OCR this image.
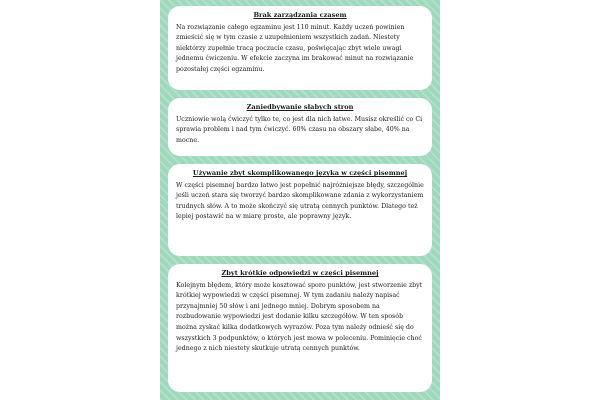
Brak zarządzania czasem

Na rozwiązanie całego egzaminu jest 110 minut. Każdy uczeń powinien zmieścić się w tym czasie z uzupełnieniem wszystkich zadań. Niestety niektórzy zupełnie tracą poczucie czasu, poświęcając zbyt wiele uwagi jednemu ćwiczeniu. W efekcie zaczyna im brakować minut na rozwiązanie pozostałej części egzaminu.

Zaniedbywanie słabych stron

Uczniowie wolą ćwiczyć tylko te, co jest dla nich łatwe. Musisz określić co Ci sprawia problem i nad tym ćwiczyć. 60% czasu na obszary słabe, 40% na mocne.

Używanie zbyt skomplikowanego języka w części pisemnej

W części pisemnej bardzo łatwo jest popełnić najróżniejsze błędy, szczególnie jeśli uczeń stara się tworzyć bardzo skomplikowane zdania z wykorzystaniem trudnych słów. A to może skończyć się utratą cennych punktów. Dlatego też lepiej postawić na w miarę proste, ale poprawny język.

Zbyt krótkie odpowiedzi w części pisemnej

Kolejnym błędem, który może kosztować sporo punktów, jest stworzenie zbyt krótkiej wypowiedzi w części pisemnej. W tym zadaniu należy napisać przynajmniej 50 słów i ani jednego mniej. Dobrym sposobem na rozbudowanie wypowiedzi jest dodanie kilku szczegółów. W ten sposób można zyskać kilka dodatkowych wyrazów. Poza tym należy odnieść się do wszystkich 3 podpunktów, o których jest mowa w poleceniu. Pominięcie choć jednego z nich niestety skutkuje utratą cennych punktów.
